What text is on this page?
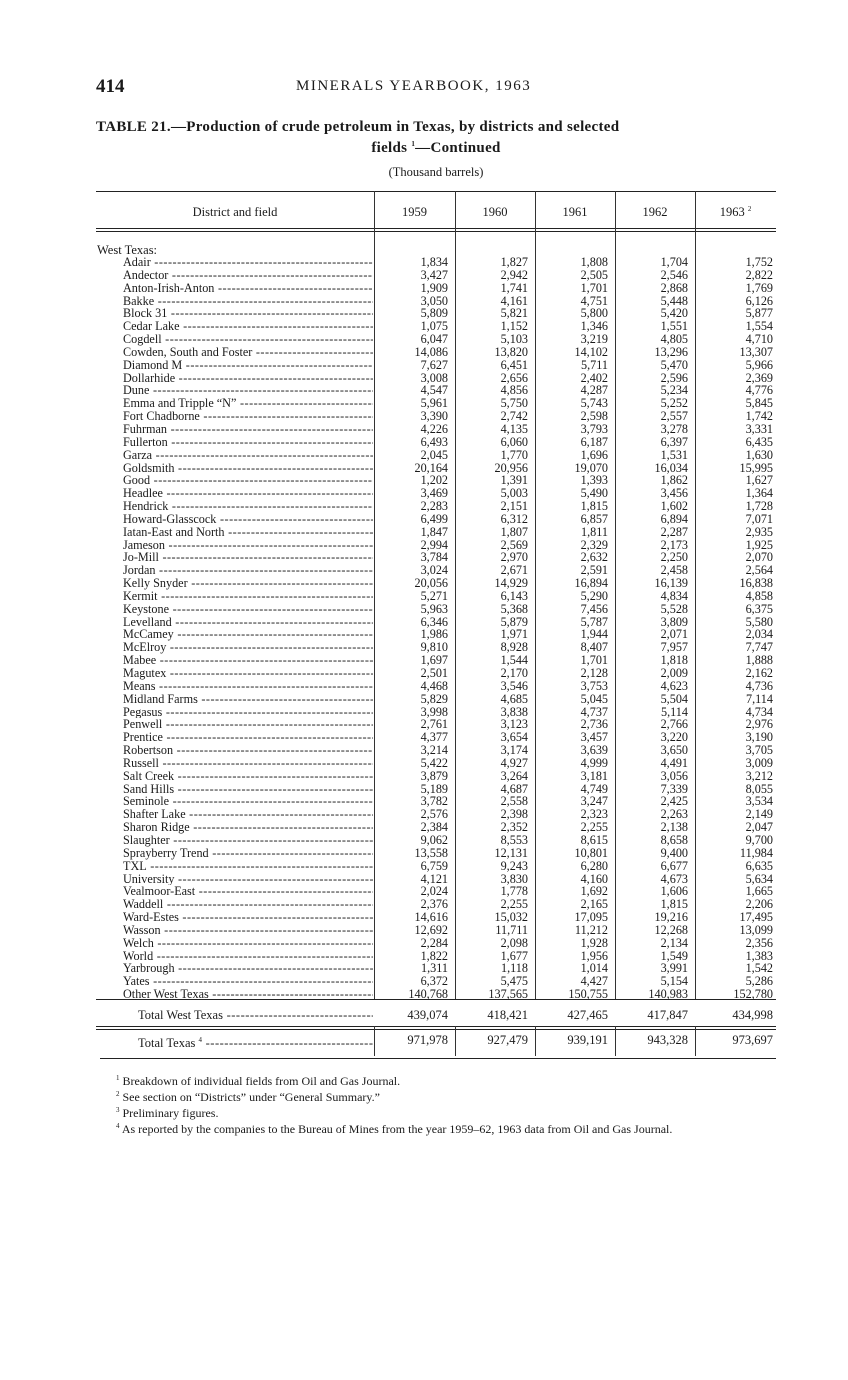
414	MINERALS YEARBOOK, 1963
TABLE 21.—Production of crude petroleum in Texas, by districts and selected
fields $^1$—Continued
(Thousand barrels)
District and field	1959	1960	1961	1962	1963 $^2$
West Texas:
Adair -----	1,834	1,827	1,808	1,704	1,752
Andector -----	3,427	2,942	2,505	2,546	2,822
Anton-Irish-Anton -----	1,909	1,741	1,701	2,868	1,769
Bakke -----	3,050	4,161	4,751	5,448	6,126
Block 31 -----	5,809	5,821	5,800	5,420	5,877
Cedar Lake -----	1,075	1,152	1,346	1,551	1,554
Cogdell -----	6,047	5,103	3,219	4,805	4,710
Cowden, South and Foster -----	14,086	13,820	14,102	13,296	13,307
Diamond M -----	7,627	6,451	5,711	5,470	5,966
Dollarhide -----	3,008	2,656	2,402	2,596	2,369
Dune -----	4,547	4,856	4,287	5,234	4,776
Emma and Tripple “N” -----	5,961	5,750	5,743	5,252	5,845
Fort Chadborne -----	3,390	2,742	2,598	2,557	1,742
Fuhrman -----	4,226	4,135	3,793	3,278	3,331
Fullerton -----	6,493	6,060	6,187	6,397	6,435
Garza -----	2,045	1,770	1,696	1,531	1,630
Goldsmith -----	20,164	20,956	19,070	16,034	15,995
Good -----	1,202	1,391	1,393	1,862	1,627
Headlee -----	3,469	5,003	5,490	3,456	1,364
Hendrick -----	2,283	2,151	1,815	1,602	1,728
Howard-Glasscock -----	6,499	6,312	6,857	6,894	7,071
Iatan-East and North -----	1,847	1,807	1,811	2,287	2,935
Jameson -----	2,994	2,569	2,329	2,173	1,925
Jo-Mill -----	3,784	2,970	2,632	2,250	2,070
Jordan -----	3,024	2,671	2,591	2,458	2,564
Kelly Snyder -----	20,056	14,929	16,894	16,139	16,838
Kermit -----	5,271	6,143	5,290	4,834	4,858
Keystone -----	5,963	5,368	7,456	5,528	6,375
Levelland -----	6,346	5,879	5,787	3,809	5,580
McCamey -----	1,986	1,971	1,944	2,071	2,034
McElroy -----	9,810	8,928	8,407	7,957	7,747
Mabee -----	1,697	1,544	1,701	1,818	1,888
Magutex -----	2,501	2,170	2,128	2,009	2,162
Means -----	4,468	3,546	3,753	4,623	4,736
Midland Farms -----	5,829	4,685	5,045	5,504	7,114
Pegasus -----	3,998	3,838	4,737	5,114	4,734
Penwell -----	2,761	3,123	2,736	2,766	2,976
Prentice -----	4,377	3,654	3,457	3,220	3,190
Robertson -----	3,214	3,174	3,639	3,650	3,705
Russell -----	5,422	4,927	4,999	4,491	3,009
Salt Creek -----	3,879	3,264	3,181	3,056	3,212
Sand Hills -----	5,189	4,687	4,749	7,339	8,055
Seminole -----	3,782	2,558	3,247	2,425	3,534
Shafter Lake -----	2,576	2,398	2,323	2,263	2,149
Sharon Ridge -----	2,384	2,352	2,255	2,138	2,047
Slaughter -----	9,062	8,553	8,615	8,658	9,700
Sprayberry Trend -----	13,558	12,131	10,801	9,400	11,984
TXL -----	6,759	9,243	6,280	6,677	6,635
University -----	4,121	3,830	4,160	4,673	5,634
Vealmoor-East -----	2,024	1,778	1,692	1,606	1,665
Waddell -----	2,376	2,255	2,165	1,815	2,206
Ward-Estes -----	14,616	15,032	17,095	19,216	17,495
Wasson -----	12,692	11,711	11,212	12,268	13,099
Welch -----	2,284	2,098	1,928	2,134	2,356
World -----	1,822	1,677	1,956	1,549	1,383
Yarbrough -----	1,311	1,118	1,014	3,991	1,542
Yates -----	6,372	5,475	4,427	5,154	5,286
Other West Texas -----	140,768	137,565	150,755	140,983	152,780
Total West Texas -----	439,074	418,421	427,465	417,847	434,998
Total Texas $^4$ -----	971,978	927,479	939,191	943,328	973,697
$^1$ Breakdown of individual fields from Oil and Gas Journal.
$^2$ See section on “Districts” under “General Summary.”
$^3$ Preliminary figures.
$^4$ As reported by the companies to the Bureau of Mines from the year 1959–62, 1963 data from Oil and Gas Journal.
